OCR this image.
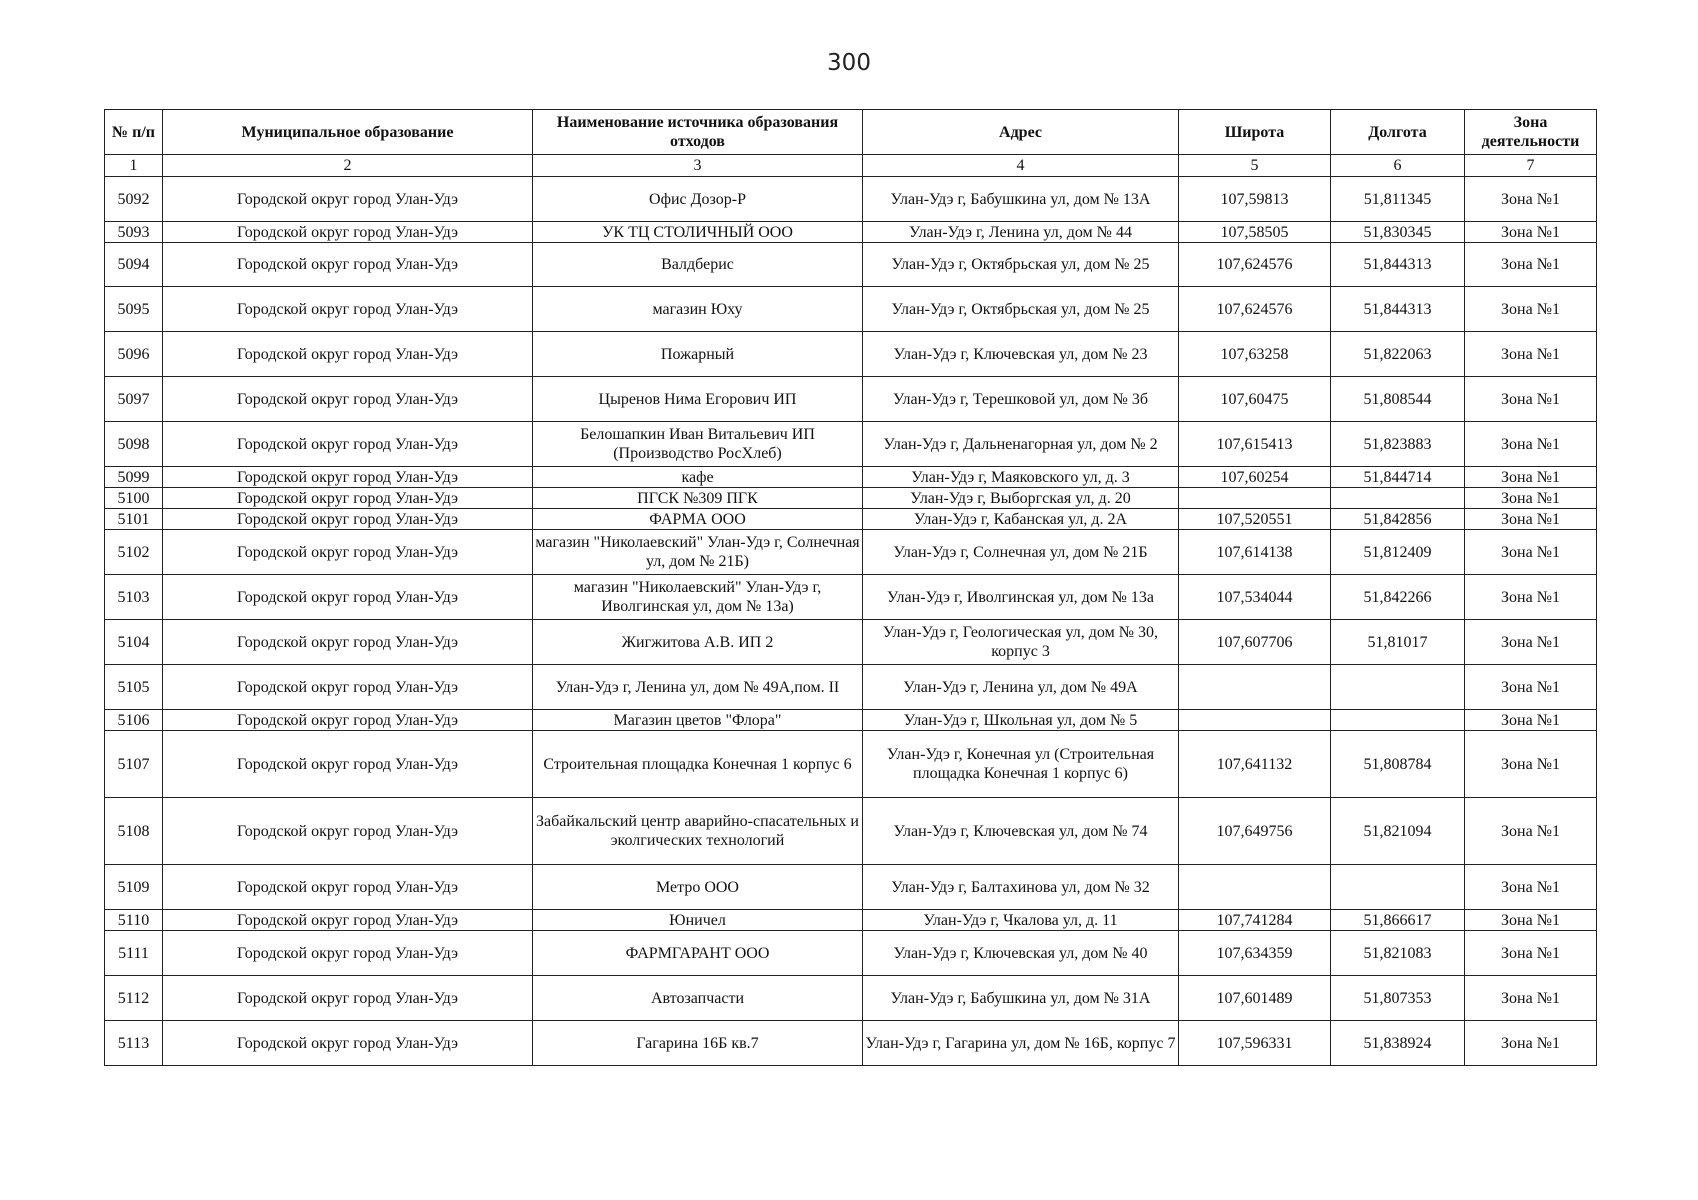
300
№ п/п	Муниципальное образование	Наименование источника образования отходов	Адрес	Широта	Долгота	Зона деятельности
1	2	3	4	5	6	7
5092	Городской округ город Улан-Удэ	Офис Дозор-Р	Улан-Удэ г, Бабушкина ул, дом № 13А	107,59813	51,811345	Зона №1
5093	Городской округ город Улан-Удэ	УК ТЦ СТОЛИЧНЫЙ ООО	Улан-Удэ г, Ленина ул, дом № 44	107,58505	51,830345	Зона №1
5094	Городской округ город Улан-Удэ	Валдберис	Улан-Удэ г, Октябрьская ул, дом № 25	107,624576	51,844313	Зона №1
5095	Городской округ город Улан-Удэ	магазин Юху	Улан-Удэ г, Октябрьская ул, дом № 25	107,624576	51,844313	Зона №1
5096	Городской округ город Улан-Удэ	Пожарный	Улан-Удэ г, Ключевская ул, дом № 23	107,63258	51,822063	Зона №1
5097	Городской округ город Улан-Удэ	Цыренов Нима Егорович ИП	Улан-Удэ г, Терешковой ул, дом № 3б	107,60475	51,808544	Зона №1
5098	Городской округ город Улан-Удэ	Белошапкин Иван Витальевич ИП (Производство РосХлеб)	Улан-Удэ г, Дальненагорная ул, дом № 2	107,615413	51,823883	Зона №1
5099	Городской округ город Улан-Удэ	кафе	Улан-Удэ г, Маяковского ул, д. 3	107,60254	51,844714	Зона №1
5100	Городской округ город Улан-Удэ	ПГСК №309 ПГК	Улан-Удэ г, Выборгская ул, д. 20			Зона №1
5101	Городской округ город Улан-Удэ	ФАРМА ООО	Улан-Удэ г, Кабанская ул, д. 2А	107,520551	51,842856	Зона №1
5102	Городской округ город Улан-Удэ	магазин "Николаевский" Улан-Удэ г, Солнечная ул, дом № 21Б)	Улан-Удэ г, Солнечная ул, дом № 21Б	107,614138	51,812409	Зона №1
5103	Городской округ город Улан-Удэ	магазин "Николаевский" Улан-Удэ г, Иволгинская ул, дом № 13а)	Улан-Удэ г, Иволгинская ул, дом № 13а	107,534044	51,842266	Зона №1
5104	Городской округ город Улан-Удэ	Жигжитова А.В. ИП 2	Улан-Удэ г, Геологическая ул, дом № 30, корпус 3	107,607706	51,81017	Зона №1
5105	Городской округ город Улан-Удэ	Улан-Удэ г, Ленина ул, дом № 49А,пом. II	Улан-Удэ г, Ленина ул, дом № 49А			Зона №1
5106	Городской округ город Улан-Удэ	Магазин цветов "Флора"	Улан-Удэ г, Школьная ул, дом № 5			Зона №1
5107	Городской округ город Улан-Удэ	Строительная площадка Конечная 1 корпус 6	Улан-Удэ г, Конечная ул (Строительная площадка Конечная 1 корпус 6)	107,641132	51,808784	Зона №1
5108	Городской округ город Улан-Удэ	Забайкальский центр аварийно-спасательных и эколгических технологий	Улан-Удэ г, Ключевская ул, дом № 74	107,649756	51,821094	Зона №1
5109	Городской округ город Улан-Удэ	Метро ООО	Улан-Удэ г, Балтахинова ул, дом № 32			Зона №1
5110	Городской округ город Улан-Удэ	Юничел	Улан-Удэ г, Чкалова ул, д. 11	107,741284	51,866617	Зона №1
5111	Городской округ город Улан-Удэ	ФАРМГАРАНТ ООО	Улан-Удэ г, Ключевская ул, дом № 40	107,634359	51,821083	Зона №1
5112	Городской округ город Улан-Удэ	Автозапчасти	Улан-Удэ г, Бабушкина ул, дом № 31А	107,601489	51,807353	Зона №1
5113	Городской округ город Улан-Удэ	Гагарина 16Б кв.7	Улан-Удэ г, Гагарина ул, дом № 16Б, корпус 7	107,596331	51,838924	Зона №1
